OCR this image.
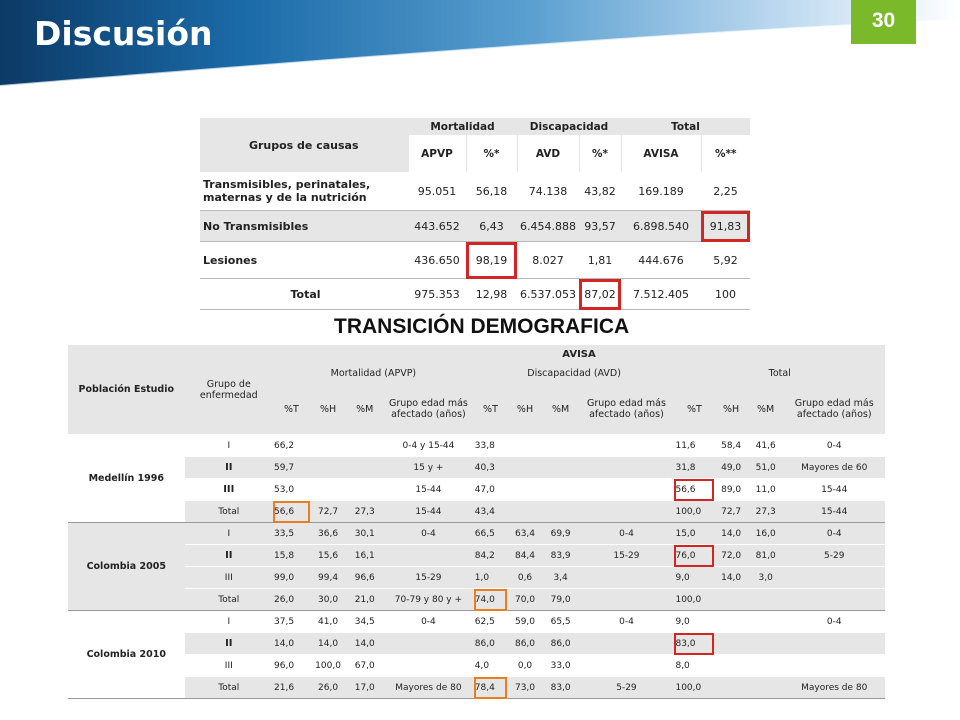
Discusión	30
Grupos de causas	Mortalidad		Discapacidad		Total	
	APVP	%*	AVD	%*	AVISA	%**
Transmisibles, perinatales, maternas y de la nutrición	95.051	56,18	74.138	43,82	169.189	2,25
No Transmisibles	443.652	6,43	6.454.888	93,57	6.898.540	91,83
Lesiones	436.650	98,19	8.027	1,81	444.676	5,92
Total	975.353	12,98	6.537.053	87,02	7.512.405	100
TRANSICIÓN DEMOGRAFICA
Población Estudio	Grupo de enfermedad	AVISA											
		Mortalidad (APVP)				Discapacidad (AVD)				Total			
		%T	%H	%M	Grupo edad más afectado (años)	%T	%H	%M	Grupo edad más afectado (años)	%T	%H	%M	Grupo edad más afectado (años)
Medellín 1996	I	66,2			0-4 y 15-44	33,8				11,6	58,4	41,6	0-4
	II	59,7			15 y +	40,3				31,8	49,0	51,0	Mayores de 60
	III	53,0			15-44	47,0				56,6	89,0	11,0	15-44
	Total	56,6	72,7	27,3	15-44	43,4				100,0	72,7	27,3	15-44
Colombia 2005	I	33,5	36,6	30,1	0-4	66,5	63,4	69,9	0-4	15,0	14,0	16,0	0-4
	II	15,8	15,6	16,1		84,2	84,4	83,9	15-29	76,0	72,0	81,0	5-29
	III	99,0	99,4	96,6	15-29	1,0	0,6	3,4		9,0	14,0	3,0	
	Total	26,0	30,0	21,0	70-79 y 80 y +	74,0	70,0	79,0		100,0			
Colombia 2010	I	37,5	41,0	34,5	0-4	62,5	59,0	65,5	0-4	9,0			0-4
	II	14,0	14,0	14,0		86,0	86,0	86,0		83,0			
	III	96,0	100,0	67,0		4,0	0,0	33,0		8,0			
	Total	21,6	26,0	17,0	Mayores de 80	78,4	73,0	83,0	5-29	100,0			Mayores de 80
